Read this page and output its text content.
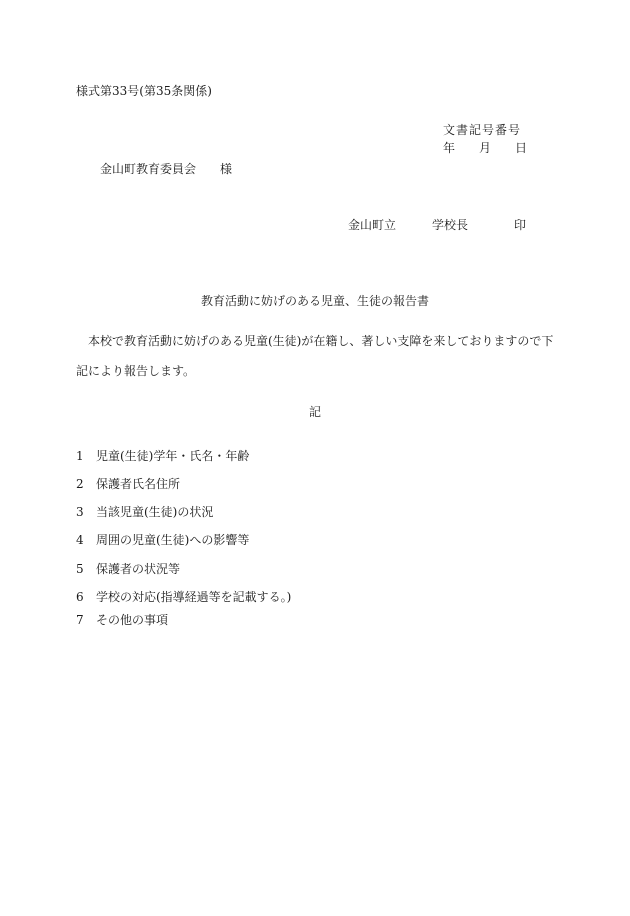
様式第33号(第35条関係)
文書記号番号
年 月 日
金山町教育委員会 様
金山町立	学校長	印
教育活動に妨げのある児童、生徒の報告書
本校で教育活動に妨げのある児童(生徒)が在籍し、著しい支障を来しておりますので下
記により報告します。
記
1 児童(生徒)学年・氏名・年齢
2 保護者氏名住所
3 当該児童(生徒)の状況
4 周囲の児童(生徒)への影響等
5 保護者の状況等
6 学校の対応(指導経過等を記載する。)
7 その他の事項
